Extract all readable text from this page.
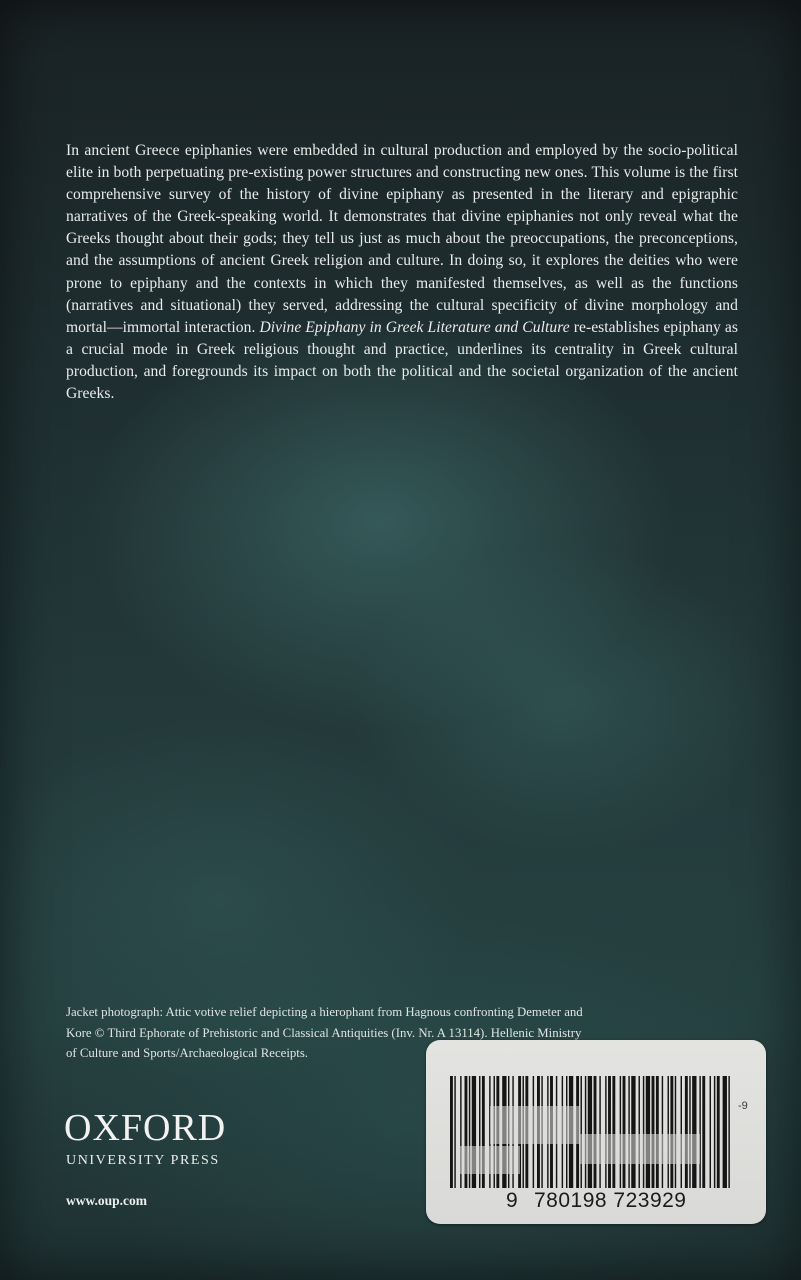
In ancient Greece epiphanies were embedded in cultural production and employed by the socio-political elite in both perpetuating pre-existing power structures and constructing new ones. This volume is the first comprehensive survey of the history of divine epiphany as presented in the literary and epigraphic narratives of the Greek-speaking world. It demonstrates that divine epiphanies not only reveal what the Greeks thought about their gods; they tell us just as much about the preoccupations, the preconceptions, and the assumptions of ancient Greek religion and culture. In doing so, it explores the deities who were prone to epiphany and the contexts in which they manifested themselves, as well as the functions (narratives and situational) they served, addressing the cultural specificity of divine morphology and mortal—immortal interaction. Divine Epiphany in Greek Literature and Culture re-establishes epiphany as a crucial mode in Greek religious thought and practice, underlines its centrality in Greek cultural production, and foregrounds its impact on both the political and the societal organization of the ancient Greeks.

Jacket photograph: Attic votive relief depicting a hierophant from Hagnous confronting Demeter and
Kore © Third Ephorate of Prehistoric and Classical Antiquities (Inv. Nr. A 13114). Hellenic Ministry
of Culture and Sports/Archaeological Receipts.

OXFORD
UNIVERSITY PRESS
www.oup.com	9 780198 723929
-9
